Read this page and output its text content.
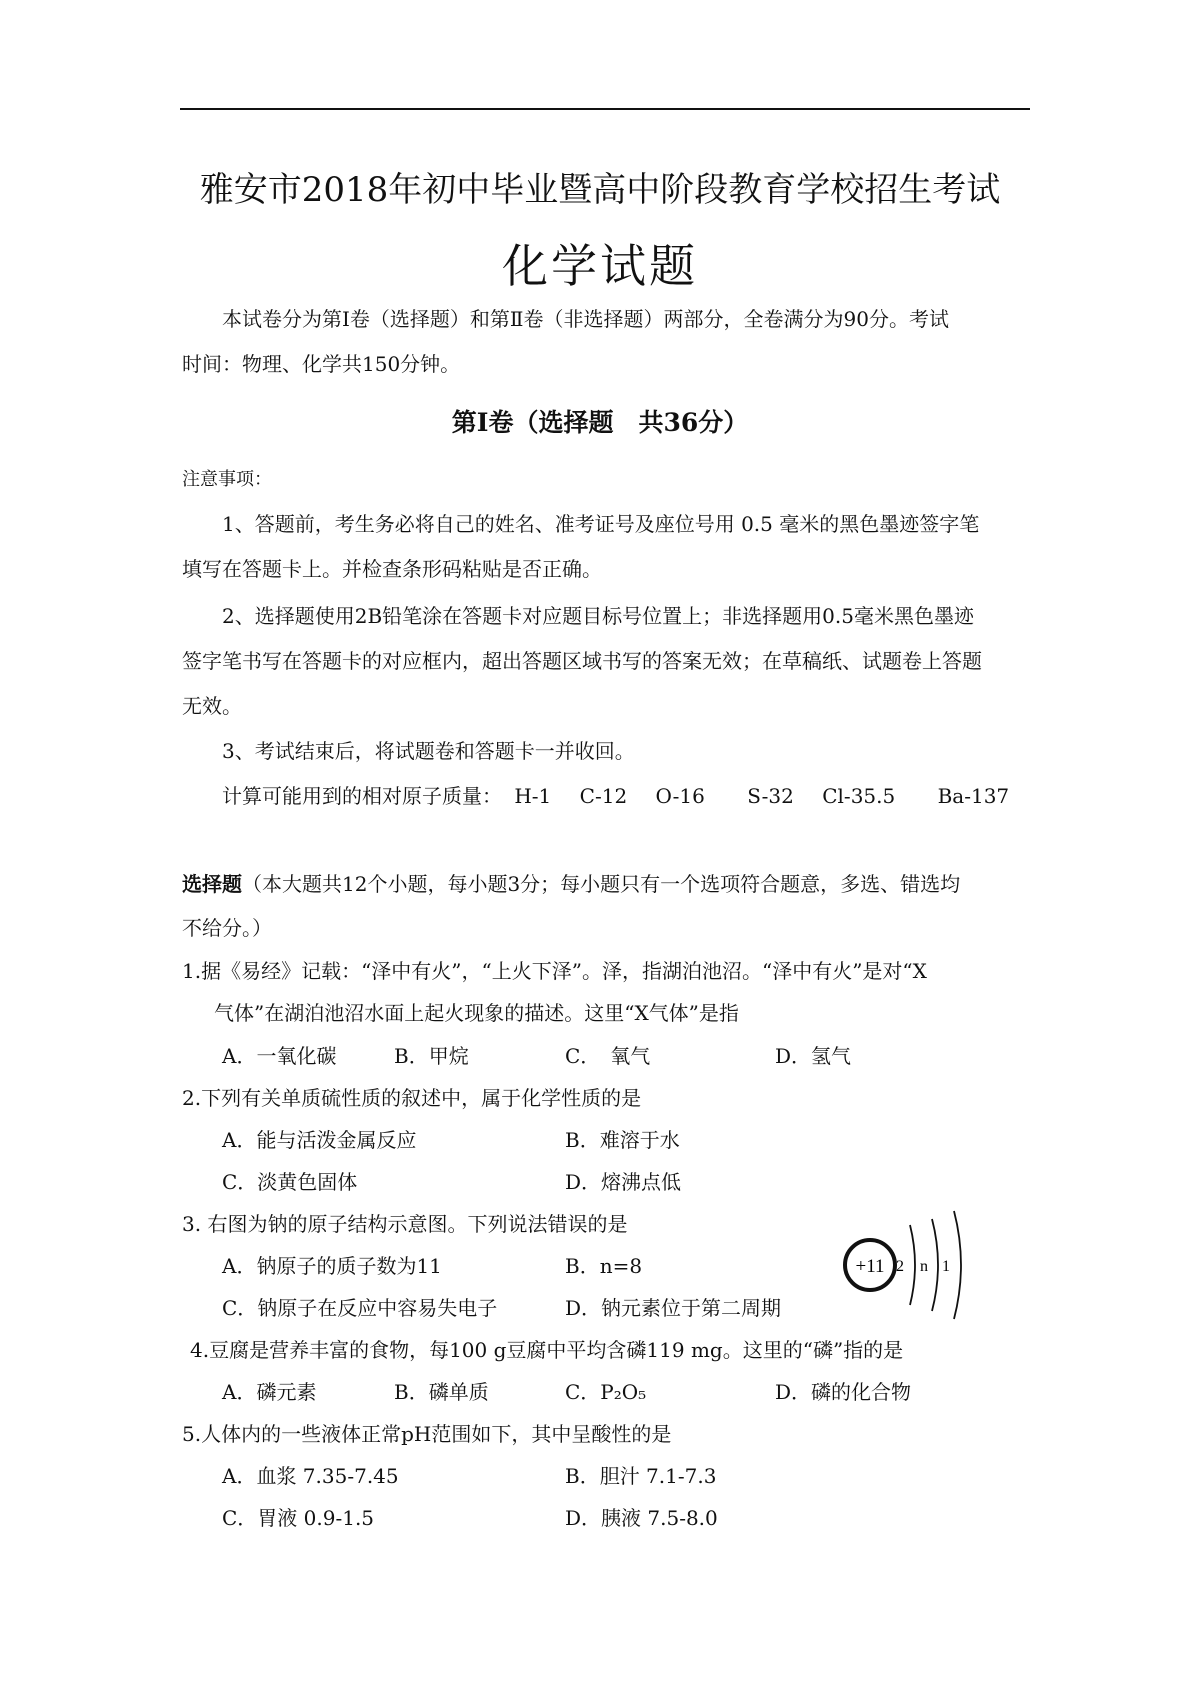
雅安市2018年初中毕业暨高中阶段教育学校招生考试
化学试题
本试卷分为第Ⅰ卷（选择题）和第Ⅱ卷（非选择题）两部分，全卷满分为90分。考试
时间：物理、化学共150分钟。
第Ⅰ卷（选择题　共36分）
注意事项：
1、答题前，考生务必将自己的姓名、准考证号及座位号用 0.5 毫米的黑色墨迹签字笔
填写在答题卡上。并检查条形码粘贴是否正确。
2、选择题使用2B铅笔涂在答题卡对应题目标号位置上；非选择题用0.5毫米黑色墨迹
签字笔书写在答题卡的对应框内，超出答题区域书写的答案无效；在草稿纸、试题卷上答题
无效。
3、考试结束后，将试题卷和答题卡一并收回。
计算可能用到的相对原子质量： H-1 C-12 O-16 S-32 Cl-35.5 Ba-137
选择题（本大题共12个小题，每小题3分；每小题只有一个选项符合题意，多选、错选均
不给分。）
1.据《易经》记载：“泽中有火”，“上火下泽”。泽，指湖泊池沼。“泽中有火”是对“X
气体”在湖泊池沼水面上起火现象的描述。这里“X气体”是指
A．一氧化碳	B．甲烷	C．　氧气	D．氢气
2.下列有关单质硫性质的叙述中，属于化学性质的是
A．能与活泼金属反应	B．难溶于水
C．淡黄色固体	D．熔沸点低
3. 右图为钠的原子结构示意图。下列说法错误的是
A．钠原子的质子数为11	B．n=8
C．钠原子在反应中容易失电子	D．钠元素位于第二周期
+11 2 n 1
4.豆腐是营养丰富的食物，每100 g豆腐中平均含磷119 mg。这里的“磷”指的是
A．磷元素	B．磷单质	C．P₂O₅	D．磷的化合物
5.人体内的一些液体正常pH范围如下，其中呈酸性的是
A．血浆 7.35-7.45	B．胆汁 7.1-7.3
C．胃液 0.9-1.5	D．胰液 7.5-8.0
